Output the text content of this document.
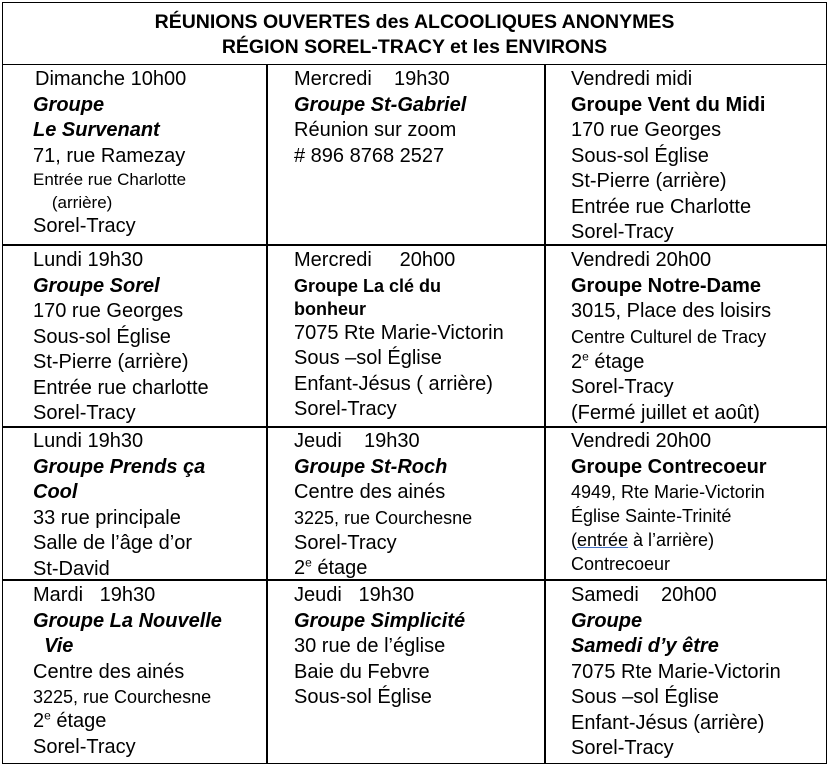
RÉUNIONS OUVERTES des ALCOOLIQUES ANONYMES
RÉGION SOREL-TRACY et les ENVIRONS
Dimanche 10h00
Groupe
Le Survenant
71, rue Ramezay
Entrée rue Charlotte
(arrière)
Sorel-Tracy
Mercredi    19h30
Groupe St-Gabriel
Réunion sur zoom
# 896 8768 2527
Vendredi midi
Groupe Vent du Midi
170 rue Georges
Sous-sol Église
St-Pierre (arrière)
Entrée rue Charlotte
Sorel-Tracy
Lundi 19h30
Groupe Sorel
170 rue Georges
Sous-sol Église
St-Pierre (arrière)
Entrée rue charlotte
Sorel-Tracy
Mercredi     20h00
Groupe La clé du
bonheur
7075 Rte Marie-Victorin
Sous –sol Église
Enfant-Jésus ( arrière)
Sorel-Tracy
Vendredi 20h00
Groupe Notre-Dame
3015, Place des loisirs
Centre Culturel de Tracy
2e étage
Sorel-Tracy
(Fermé juillet et août)
Lundi 19h30
Groupe Prends ça
Cool
33 rue principale
Salle de l’âge d’or
St-David
Jeudi    19h30
Groupe St-Roch
Centre des ainés
3225, rue Courchesne
Sorel-Tracy
2e étage
Vendredi 20h00
Groupe Contrecoeur
4949, Rte Marie-Victorin
Église Sainte-Trinité
(entrée à l’arrière)
Contrecoeur
Mardi   19h30
Groupe La Nouvelle
Vie
Centre des ainés
3225, rue Courchesne
2e étage
Sorel-Tracy
Jeudi   19h30
Groupe Simplicité
30 rue de l’église
Baie du Febvre
Sous-sol Église
Samedi    20h00
Groupe
Samedi d’y être
7075 Rte Marie-Victorin
Sous –sol Église
Enfant-Jésus (arrière)
Sorel-Tracy
